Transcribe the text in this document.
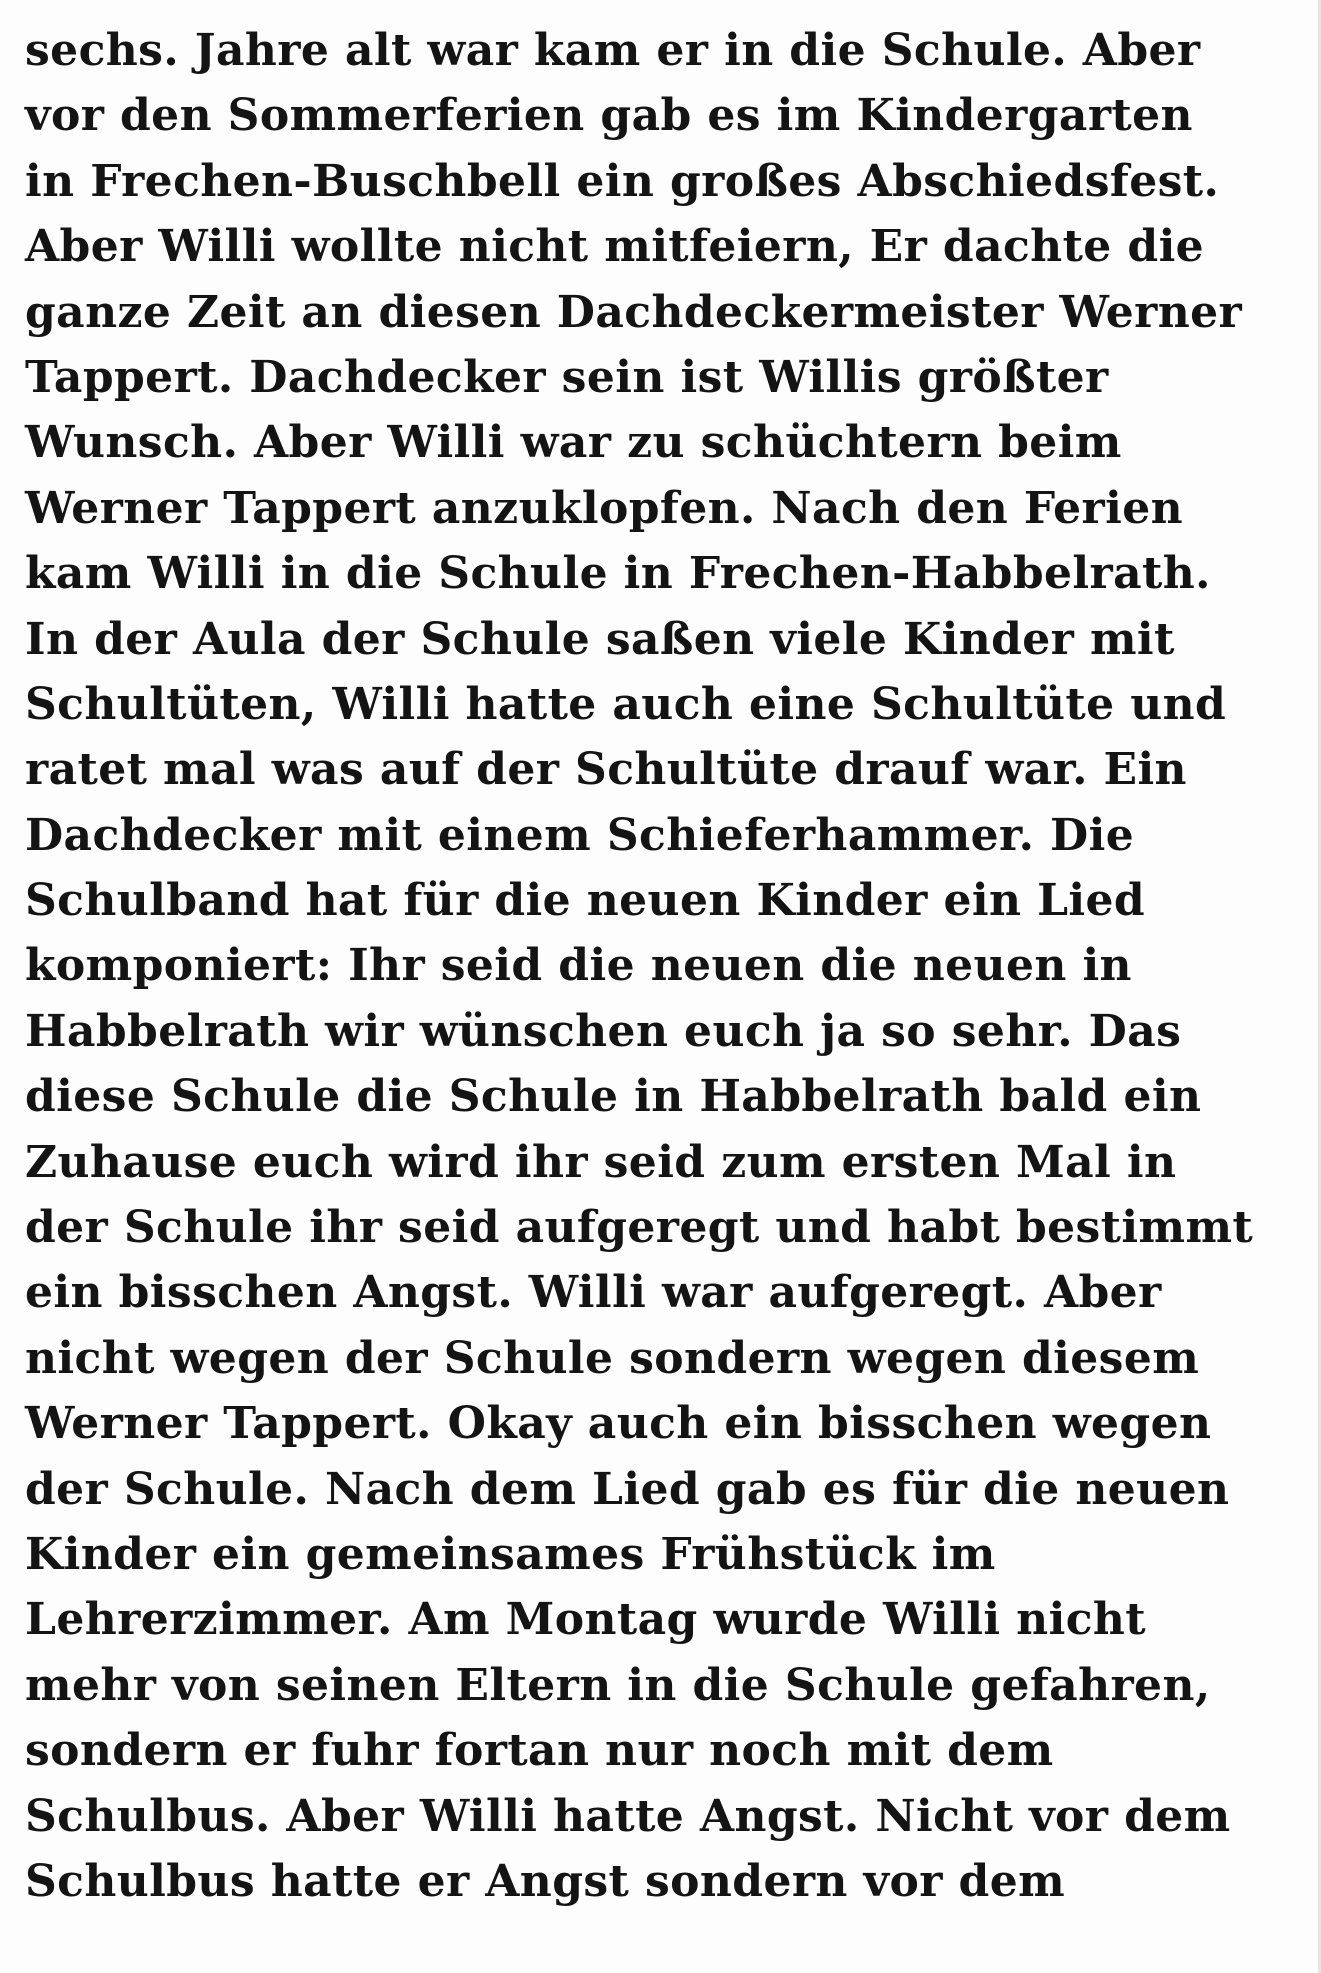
sechs. Jahre alt war kam er in die Schule. Aber
vor den Sommerferien gab es im Kindergarten
in Frechen-Buschbell ein großes Abschiedsfest.
Aber Willi wollte nicht mitfeiern, Er dachte die
ganze Zeit an diesen Dachdeckermeister Werner
Tappert. Dachdecker sein ist Willis größter
Wunsch. Aber Willi war zu schüchtern beim
Werner Tappert anzuklopfen. Nach den Ferien
kam Willi in die Schule in Frechen-Habbelrath.
In der Aula der Schule saßen viele Kinder mit
Schultüten, Willi hatte auch eine Schultüte und
ratet mal was auf der Schultüte drauf war. Ein
Dachdecker mit einem Schieferhammer. Die
Schulband hat für die neuen Kinder ein Lied
komponiert: Ihr seid die neuen die neuen in
Habbelrath wir wünschen euch ja so sehr. Das
diese Schule die Schule in Habbelrath bald ein
Zuhause euch wird ihr seid zum ersten Mal in
der Schule ihr seid aufgeregt und habt bestimmt
ein bisschen Angst. Willi war aufgeregt. Aber
nicht wegen der Schule sondern wegen diesem
Werner Tappert. Okay auch ein bisschen wegen
der Schule. Nach dem Lied gab es für die neuen
Kinder ein gemeinsames Frühstück im
Lehrerzimmer. Am Montag wurde Willi nicht
mehr von seinen Eltern in die Schule gefahren,
sondern er fuhr fortan nur noch mit dem
Schulbus. Aber Willi hatte Angst. Nicht vor dem
Schulbus hatte er Angst sondern vor dem
